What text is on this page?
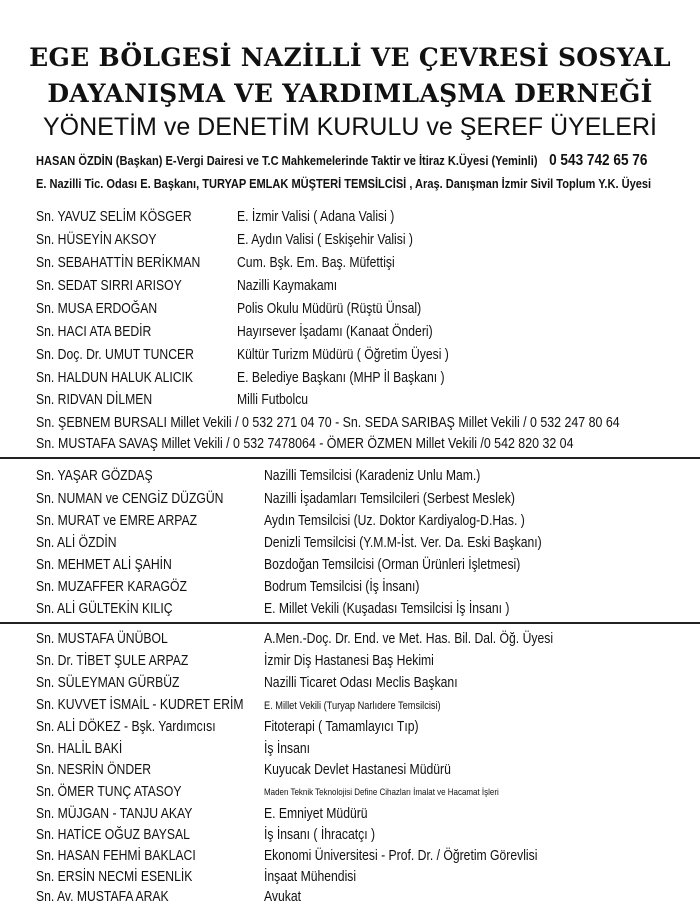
EGE BÖLGESİ NAZİLLİ VE ÇEVRESİ SOSYAL
DAYANIŞMA VE YARDIMLAŞMA DERNEĞİ
YÖNETİM ve DENETİM KURULU ve ŞEREF ÜYELERİ
HASAN ÖZDİN (Başkan) E-Vergi Dairesi ve T.C Mahkemelerinde Taktir ve İtiraz K.Üyesi (Yeminli) 0 543 742 65 76
E. Nazilli Tic. Odası E. Başkanı, TURYAP EMLAK MÜŞTERİ TEMSİLCİSİ , Araş. Danışman İzmir Sivil Toplum Y.K. Üyesi
Sn. YAVUZ SELİM KÖSGER	E. İzmir Valisi ( Adana Valisi )
Sn. HÜSEYİN AKSOY	E. Aydın Valisi ( Eskişehir Valisi )
Sn. SEBAHATTİN BERİKMAN	Cum. Bşk. Em. Baş. Müfettişi
Sn. SEDAT SIRRI ARISOY	Nazilli Kaymakamı
Sn. MUSA ERDOĞAN	Polis Okulu Müdürü (Rüştü Ünsal)
Sn. HACI ATA BEDİR	Hayırsever İşadamı (Kanaat Önderi)
Sn. Doç. Dr. UMUT TUNCER	Kültür Turizm Müdürü ( Öğretim Üyesi )
Sn. HALDUN HALUK ALICIK	E. Belediye Başkanı (MHP İl Başkanı )
Sn. RIDVAN DİLMEN	Milli Futbolcu
Sn. ŞEBNEM BURSALI Millet Vekili / 0 532 271 04 70 - Sn. SEDA SARIBAŞ Millet Vekili / 0 532 247 80 64
Sn. MUSTAFA SAVAŞ Millet Vekili / 0 532 7478064 - ÖMER ÖZMEN Millet Vekili /0 542 820 32 04
Sn. YAŞAR GÖZDAŞ	Nazilli Temsilcisi (Karadeniz Unlu Mam.)
Sn. NUMAN ve CENGİZ DÜZGÜN	Nazilli İşadamları Temsilcileri (Serbest Meslek)
Sn. MURAT ve EMRE ARPAZ	Aydın Temsilcisi (Uz. Doktor Kardiyalog-D.Has. )
Sn. ALİ ÖZDİN	Denizli Temsilcisi (Y.M.M-İst. Ver. Da. Eski Başkanı)
Sn. MEHMET ALİ ŞAHİN	Bozdoğan Temsilcisi (Orman Ürünleri İşletmesi)
Sn. MUZAFFER KARAGÖZ	Bodrum Temsilcisi (İş İnsanı)
Sn. ALİ GÜLTEKİN KILIÇ	E. Millet Vekili (Kuşadası Temsilcisi İş İnsanı )
Sn. MUSTAFA ÜNÜBOL	A.Men.-Doç. Dr. End. ve Met. Has. Bil. Dal. Öğ. Üyesi
Sn. Dr. TİBET ŞULE ARPAZ	İzmir Diş Hastanesi Baş Hekimi
Sn. SÜLEYMAN GÜRBÜZ	Nazilli Ticaret Odası Meclis Başkanı
Sn. KUVVET İSMAİL - KUDRET ERİM E. Millet Vekili (Turyap Narlıdere Temsilcisi)
Sn. ALİ DÖKEZ - Bşk. Yardımcısı	Fitoterapi ( Tamamlayıcı Tıp)
Sn. HALİL BAKİ	İş İnsanı
Sn. NESRİN ÖNDER	Kuyucak Devlet Hastanesi Müdürü
Sn. ÖMER TUNÇ ATASOY	Maden Teknik Teknolojisi Define Cihazları İmalat ve Hacamat İşleri
Sn. MÜJGAN - TANJU AKAY	E. Emniyet Müdürü
Sn. HATİCE OĞUZ BAYSAL	İş İnsanı ( İhracatçı )
Sn. HASAN FEHMİ BAKLACI	Ekonomi Üniversitesi - Prof. Dr. / Öğretim Görevlisi
Sn. ERSİN NECMİ ESENLİK	İnşaat Mühendisi
Sn. Av. MUSTAFA ARAK	Avukat
